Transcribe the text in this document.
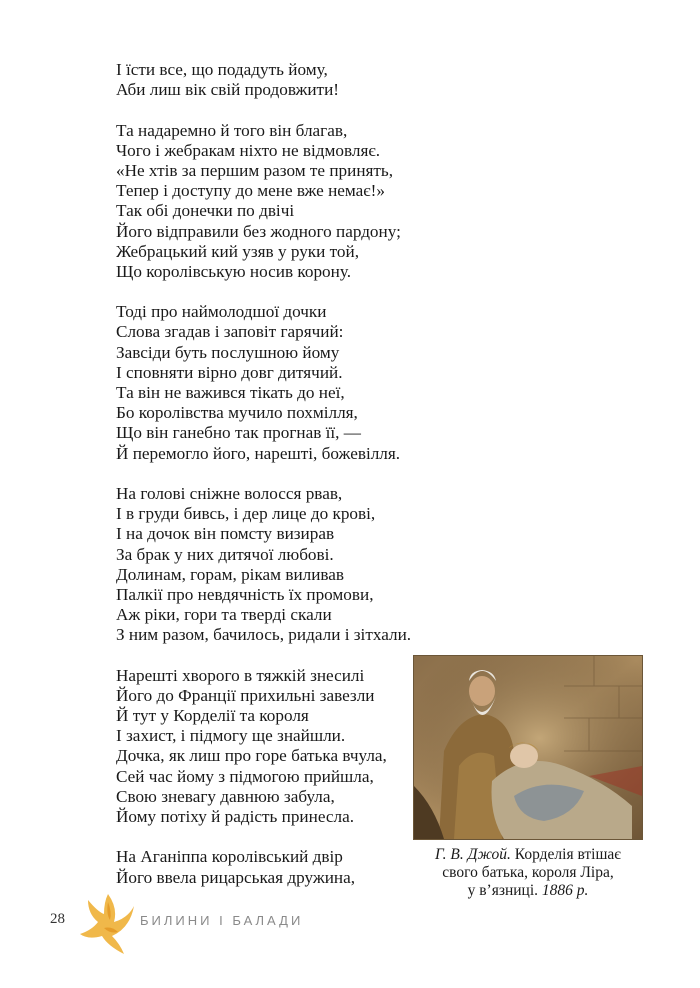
І їсти все, що подадуть йому,
Аби лиш вік свій продовжити!
Та надаремно й того він благав,
Чого і жебракам ніхто не відмовляє.
«Не хтів за першим разом те принять,
Тепер і доступу до мене вже немає!»
Так обі донечки по двічі
Його відправили без жодного пардону;
Жебрацький кий узяв у руки той,
Що королівськую носив корону.
Тоді про наймолодшої дочки
Слова згадав і заповіт гарячий:
Завсіди буть послушною йому
І сповняти вірно довг дитячий.
Та він не важився тікать до неї,
Бо королівства мучило похмілля,
Що він ганебно так прогнав її, —
Й перемогло його, нарешті, божевілля.
На голові сніжне волосся рвав,
І в груди бивсь, і дер лице до крові,
І на дочок він помсту визирав
За брак у них дитячої любові.
Долинам, горам, рікам виливав
Палкії про невдячність їх промови,
Аж ріки, гори та тверді скали
З ним разом, бачилось, ридали і зітхали.
Нарешті хворого в тяжкій знесилі
Його до Франції прихильні завезли
Й тут у Корделії та короля
І захист, і підмогу ще знайшли.
Дочка, як лиш про горе батька вчула,
Сей час йому з підмогою прийшла,
Свою зневагу давнюю забула,
Йому потіху й радість принесла.
На Аганіппа королівський двір
Його ввела рицарськая дружина,
Г. В. Джой. Корделія втішає
свого батька, короля Ліра,
у в’язниці. 1886 р.
28	БИЛИНИ І БАЛАДИ
